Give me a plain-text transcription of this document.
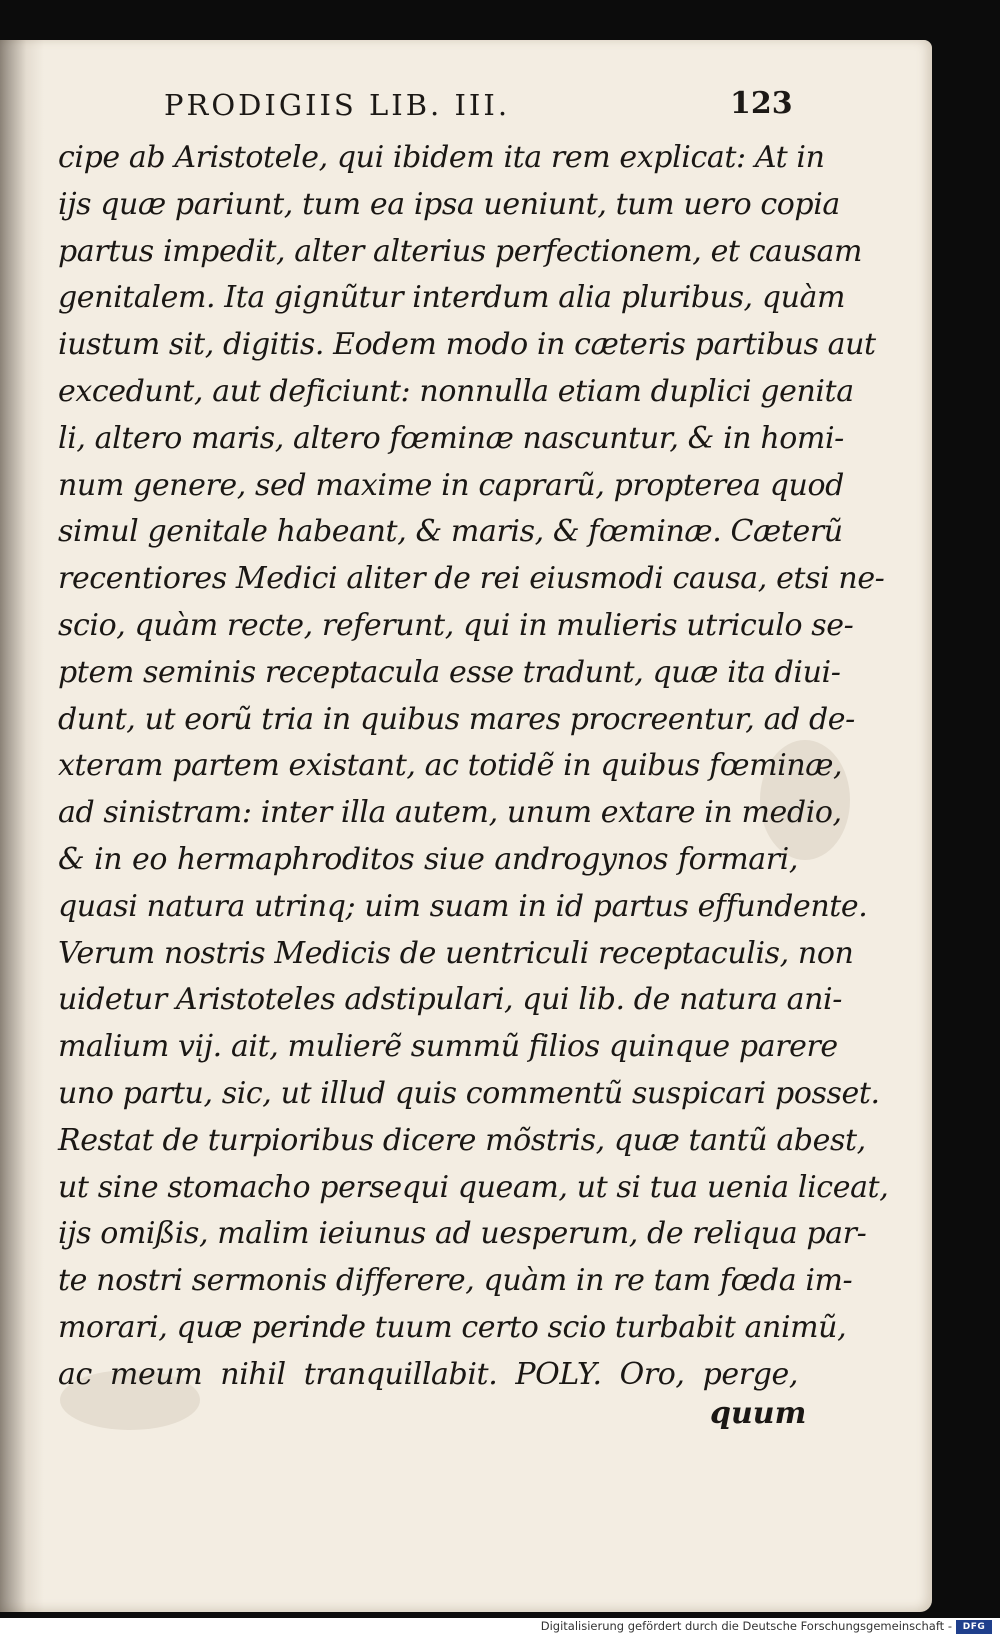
PRODIGIIS LIB. III.	123
cipe ab Aristotele, qui ibidem ita rem explicat: At in
ijs quæ pariunt, tum ea ipsa ueniunt, tum uero copia
partus impedit, alter alterius perfectionem, et causam
genitalem. Ita gignũtur interdum alia pluribus, quàm
iustum sit, digitis. Eodem modo in cæteris partibus aut
excedunt, aut deficiunt: nonnulla etiam duplici genita
li, altero maris, altero fœminæ nascuntur, & in homi-
num genere, sed maxime in caprarũ, propterea quod
simul genitale habeant, & maris, & fœminæ. Cæterũ
recentiores Medici aliter de rei eiusmodi causa, etsi ne-
scio, quàm recte, referunt, qui in mulieris utriculo se-
ptem seminis receptacula esse tradunt, quæ ita diui-
dunt, ut eorũ tria in quibus mares procreentur, ad de-
xteram partem existant, ac totidẽ in quibus fœminæ,
ad sinistram: inter illa autem, unum extare in medio,
& in eo hermaphroditos siue androgynos formari,
quasi natura utrinq; uim suam in id partus effundente.
Verum nostris Medicis de uentriculi receptaculis, non
uidetur Aristoteles adstipulari, qui lib. de natura ani-
malium vij. ait, mulierẽ summũ filios quinque parere
uno partu, sic, ut illud quis commentũ suspicari posset.
Restat de turpioribus dicere mõstris, quæ tantũ abest,
ut sine stomacho persequi queam, ut si tua uenia liceat,
ijs omißis, malim ieiunus ad uesperum, de reliqua par-
te nostri sermonis differere, quàm in re tam fœda im-
morari, quæ perinde tuum certo scio turbabit animũ,
ac meum nihil tranquillabit. POLY. Oro, perge,
quum
Digitalisierung gefördert durch die Deutsche Forschungsgemeinschaft -	DFG
